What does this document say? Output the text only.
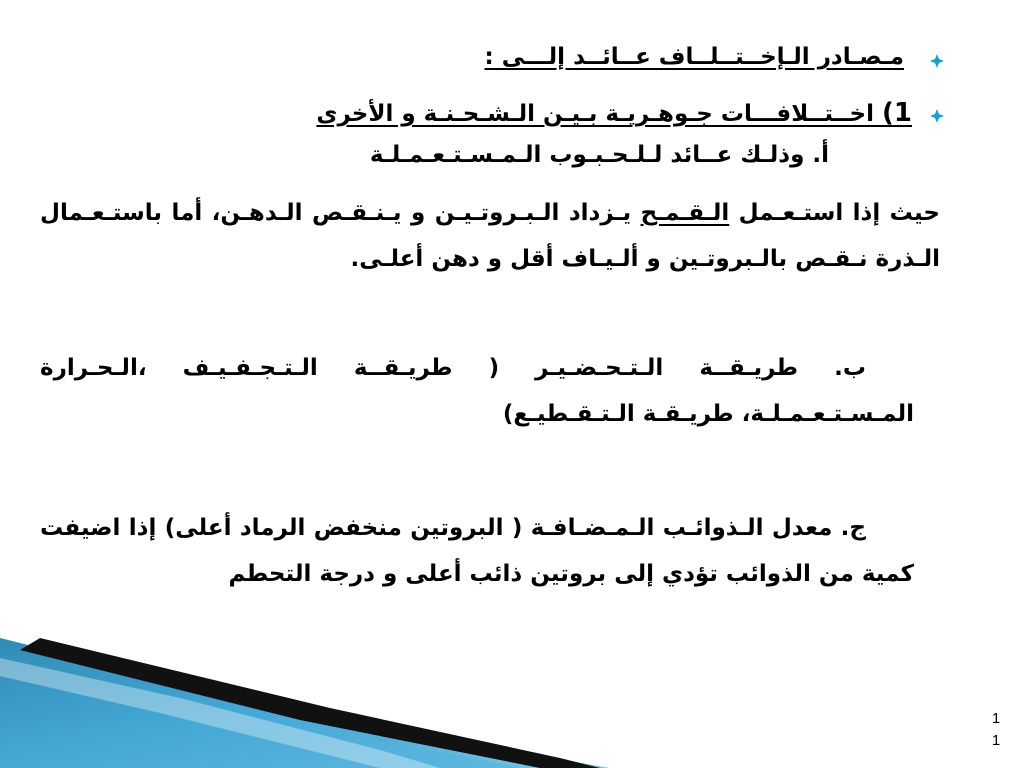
مـصـادر الـإخــتــلــاف عــائــد إلـــى :
1) اخــتــلافـــات جـوهـريـة بـيـن الـشـحـنـة و الأخرى
أ. وذلـك عــائد لـلـحـبـوب الـمـسـتـعـمـلـة
حيث إذا استـعـمل الـقـمـح يـزداد الـبـروتـيـن و يـنـقـص الـدهـن، أما باستـعـمال الـذرة نـقـص بالـبروتـين و ألـيـاف أقل و دهن أعلـى.
ب. طريـقــة الـتـحـضـيـر ( طريـقــة الـتـجـفـيـف ،الـحـرارة المـسـتـعـمـلـة، طريـقـة الـتـقـطيـع)
ج. معدل الـذوائـب الـمـضـافـة ( البروتين منخفض الرماد أعلى) إذا اضيفت كمية من الذوائب تؤدي إلى بروتين ذائب أعلى و درجة التحطم
1
1
